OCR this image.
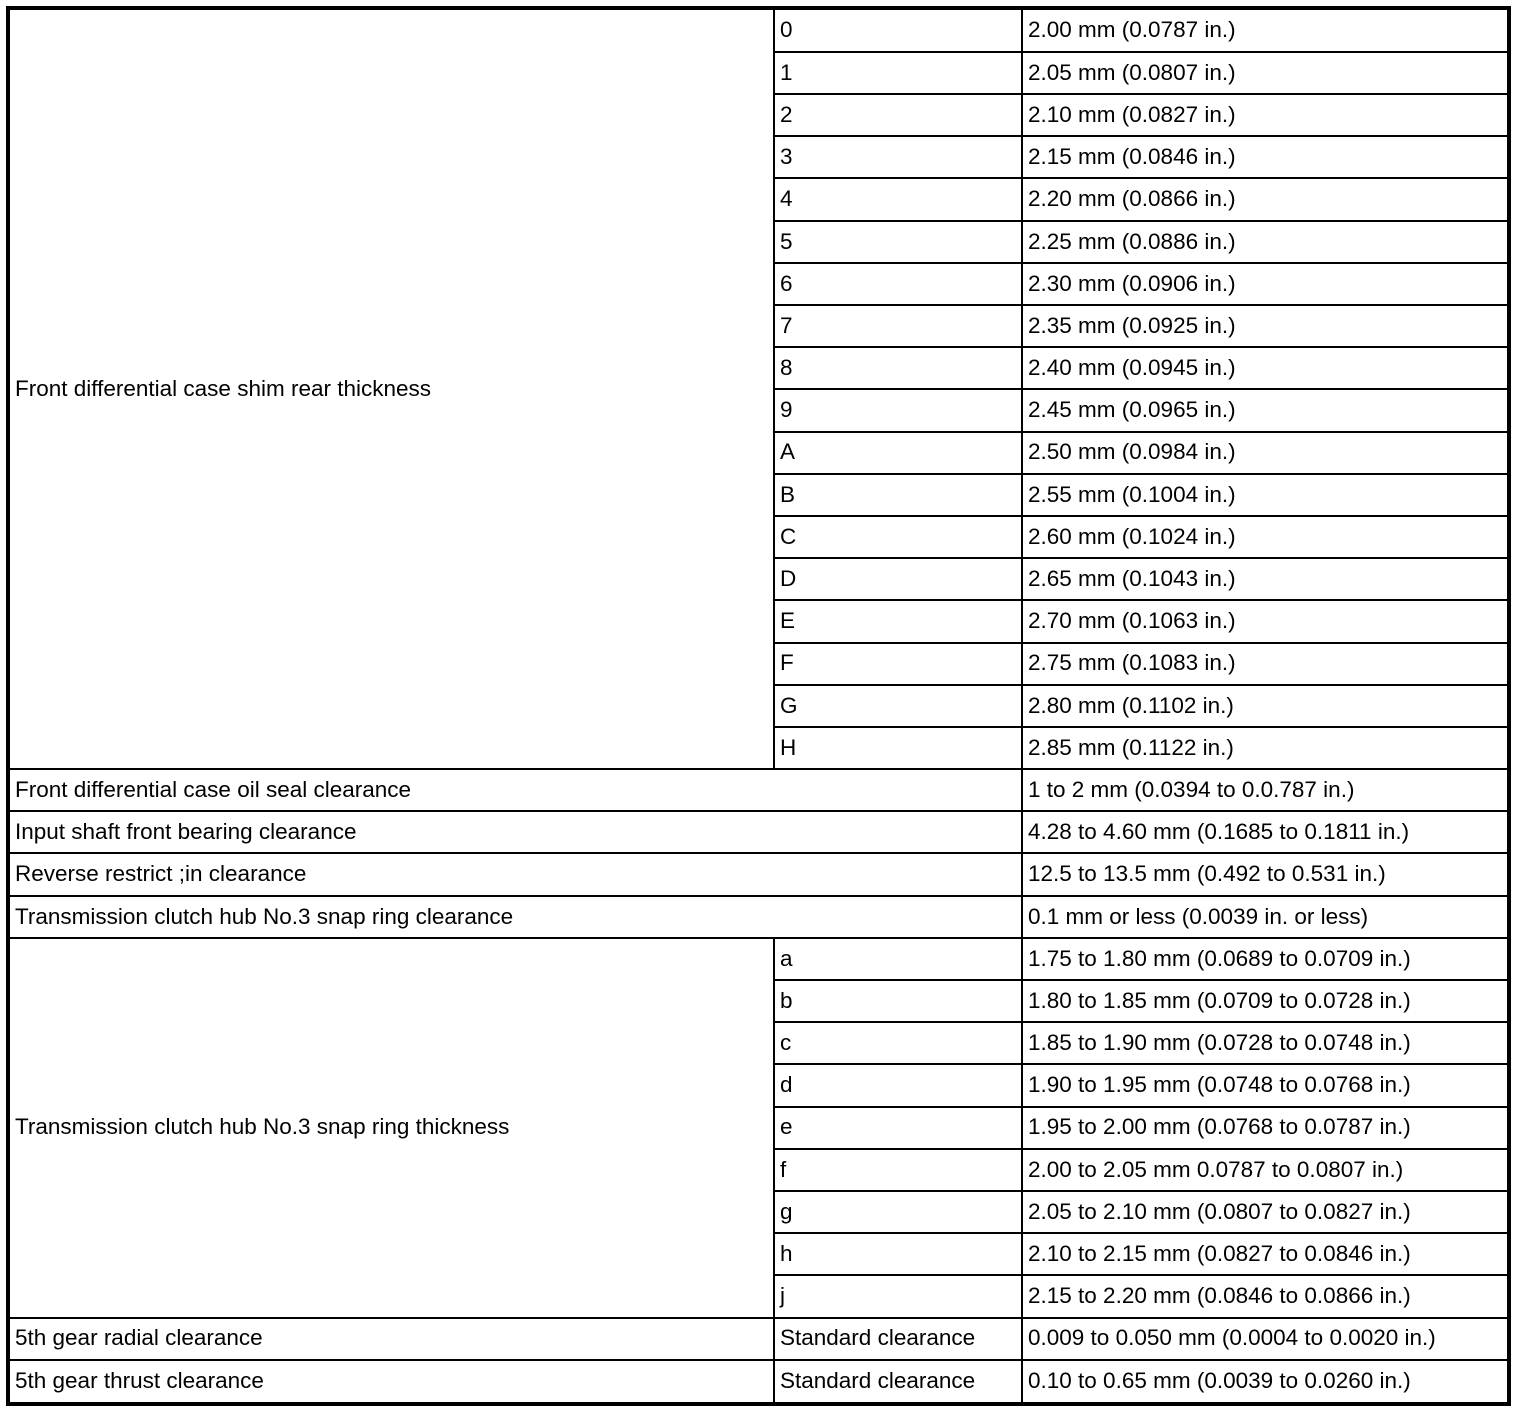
Front differential case shim rear thickness	0	2.00 mm (0.0787 in.)
	1	2.05 mm (0.0807 in.)
	2	2.10 mm (0.0827 in.)
	3	2.15 mm (0.0846 in.)
	4	2.20 mm (0.0866 in.)
	5	2.25 mm (0.0886 in.)
	6	2.30 mm (0.0906 in.)
	7	2.35 mm (0.0925 in.)
	8	2.40 mm (0.0945 in.)
	9	2.45 mm (0.0965 in.)
	A	2.50 mm (0.0984 in.)
	B	2.55 mm (0.1004 in.)
	C	2.60 mm (0.1024 in.)
	D	2.65 mm (0.1043 in.)
	E	2.70 mm (0.1063 in.)
	F	2.75 mm (0.1083 in.)
	G	2.80 mm (0.1102 in.)
	H	2.85 mm (0.1122 in.)
Front differential case oil seal clearance		1 to 2 mm (0.0394 to 0.0.787 in.)
Input shaft front bearing clearance		4.28 to 4.60 mm (0.1685 to 0.1811 in.)
Reverse restrict ;in clearance		12.5 to 13.5 mm (0.492 to 0.531 in.)
Transmission clutch hub No.3 snap ring clearance		0.1 mm or less (0.0039 in. or less)
Transmission clutch hub No.3 snap ring thickness	a	1.75 to 1.80 mm (0.0689 to 0.0709 in.)
	b	1.80 to 1.85 mm (0.0709 to 0.0728 in.)
	c	1.85 to 1.90 mm (0.0728 to 0.0748 in.)
	d	1.90 to 1.95 mm (0.0748 to 0.0768 in.)
	e	1.95 to 2.00 mm (0.0768 to 0.0787 in.)
	f	2.00 to 2.05 mm 0.0787 to 0.0807 in.)
	g	2.05 to 2.10 mm (0.0807 to 0.0827 in.)
	h	2.10 to 2.15 mm (0.0827 to 0.0846 in.)
	j	2.15 to 2.20 mm (0.0846 to 0.0866 in.)
5th gear radial clearance	Standard clearance	0.009 to 0.050 mm (0.0004 to 0.0020 in.)
5th gear thrust clearance	Standard clearance	0.10 to 0.65 mm (0.0039 to 0.0260 in.)
